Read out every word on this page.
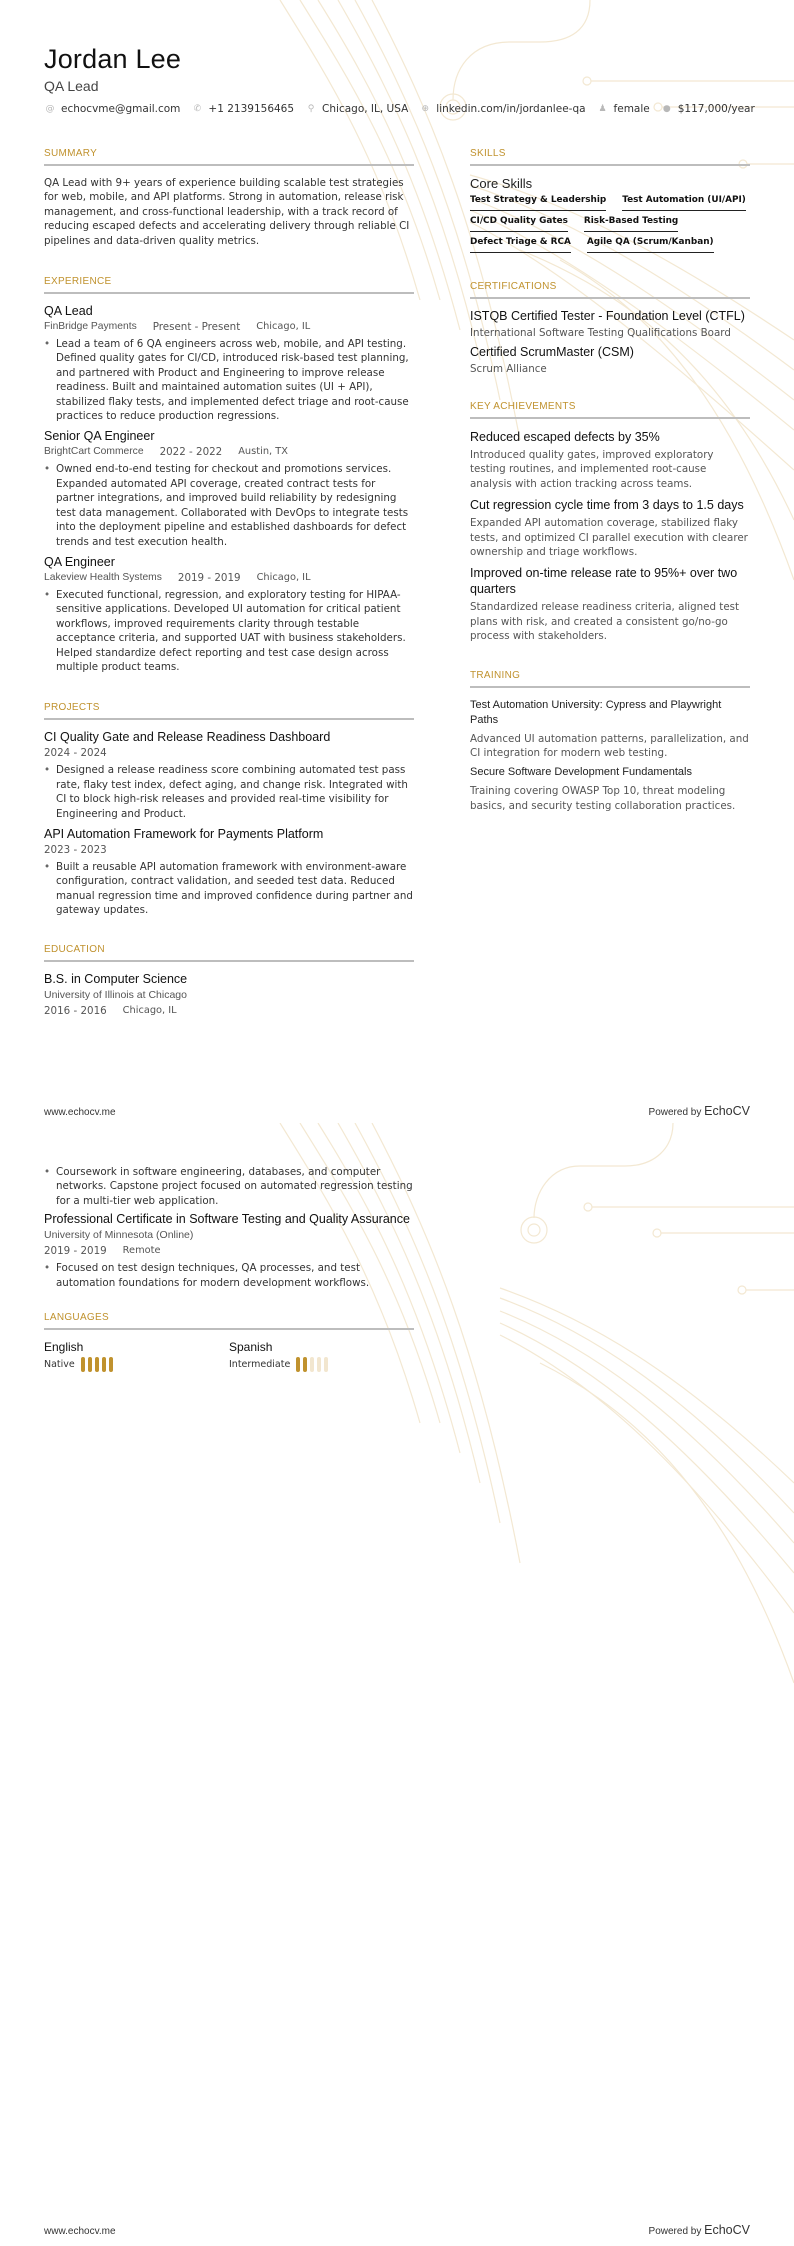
Jordan Lee
QA Lead
@ echocvme@gmail.com ✆ +1 2139156465	⚲ Chicago, IL, USA ⊕ linkedin.com/in/jordanlee-qa ♟ female ● $117,000/year
SUMMARY

QA Lead with 9+ years of experience building scalable test strategies for web, mobile, and API platforms. Strong in automation, release risk management, and cross-functional leadership, with a track record of reducing escaped defects and accelerating delivery through reliable CI pipelines and data-driven quality metrics.

EXPERIENCE
QA Lead
FinBridge Payments Present - Present Chicago, IL
• Lead a team of 6 QA engineers across web, mobile, and API testing. Defined quality gates for CI/CD, introduced risk-based test planning, and partnered with Product and Engineering to improve release readiness. Built and maintained automation suites (UI + API), stabilized flaky tests, and implemented defect triage and root-cause practices to reduce production regressions.
Senior QA Engineer
BrightCart Commerce 2022 - 2022 Austin, TX
• Owned end-to-end testing for checkout and promotions services. Expanded automated API coverage, created contract tests for partner integrations, and improved build reliability by redesigning test data management. Collaborated with DevOps to integrate tests into the deployment pipeline and established dashboards for defect trends and test execution health.
QA Engineer
Lakeview Health Systems 2019 - 2019 Chicago, IL
• Executed functional, regression, and exploratory testing for HIPAA-sensitive applications. Developed UI automation for critical patient workflows, improved requirements clarity through testable acceptance criteria, and supported UAT with business stakeholders. Helped standardize defect reporting and test case design across multiple product teams.
PROJECTS
CI Quality Gate and Release Readiness Dashboard
2024 - 2024
• Designed a release readiness score combining automated test pass rate, flaky test index, defect aging, and change risk. Integrated with CI to block high-risk releases and provided real-time visibility for Engineering and Product.
API Automation Framework for Payments Platform
2023 - 2023
• Built a reusable API automation framework with environment-aware configuration, contract validation, and seeded test data. Reduced manual regression time and improved confidence during partner and gateway updates.
EDUCATION
B.S. in Computer Science
University of Illinois at Chicago
2016 - 2016 Chicago, IL
SKILLS
Core Skills
Test Strategy & Leadership Test Automation (UI/API)
CI/CD Quality Gates Risk-Based Testing
Defect Triage & RCA Agile QA (Scrum/Kanban)
CERTIFICATIONS
ISTQB Certified Tester - Foundation Level (CTFL)
International Software Testing Qualifications Board
Certified ScrumMaster (CSM)
Scrum Alliance
KEY ACHIEVEMENTS
Reduced escaped defects by 35%
Introduced quality gates, improved exploratory testing routines, and implemented root-cause analysis with action tracking across teams.
Cut regression cycle time from 3 days to 1.5 days
Expanded API automation coverage, stabilized flaky tests, and optimized CI parallel execution with clearer ownership and triage workflows.
Improved on-time release rate to 95%+ over two quarters
Standardized release readiness criteria, aligned test plans with risk, and created a consistent go/no-go process with stakeholders.
TRAINING
Test Automation University: Cypress and Playwright Paths
Advanced UI automation patterns, parallelization, and CI integration for modern web testing.
Secure Software Development Fundamentals
Training covering OWASP Top 10, threat modeling basics, and security testing collaboration practices.
www.echocv.me	Powered by EchoCV
• Coursework in software engineering, databases, and computer networks. Capstone project focused on automated regression testing for a multi-tier web application.
Professional Certificate in Software Testing and Quality Assurance
University of Minnesota (Online)
2019 - 2019 Remote
• Focused on test design techniques, QA processes, and test automation foundations for modern development workflows.
LANGUAGES
English
Native
Spanish
Intermediate
www.echocv.me	Powered by EchoCV
